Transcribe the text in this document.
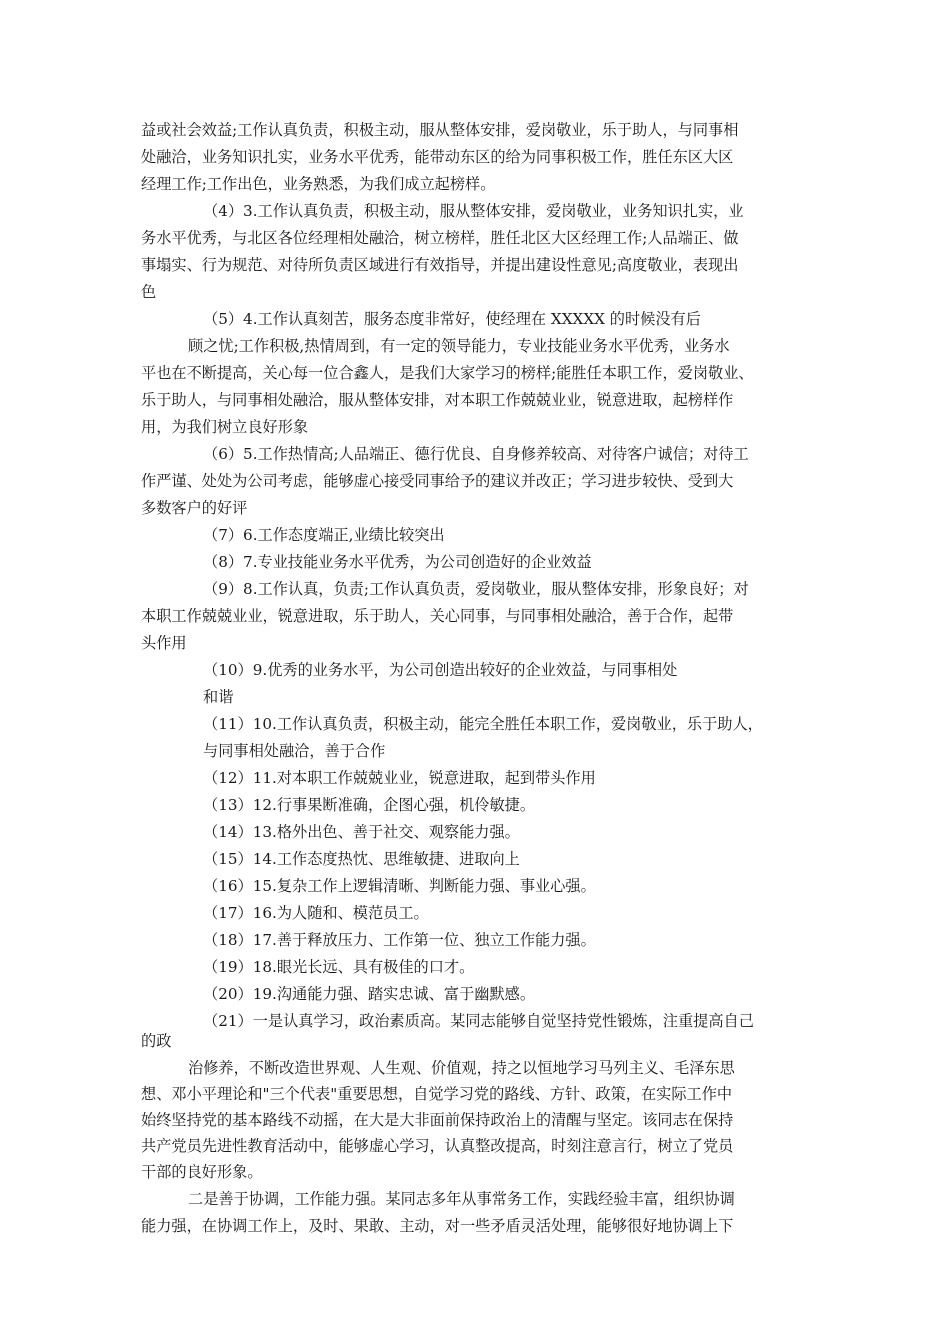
益或社会效益;工作认真负责，积极主动，服从整体安排，爱岗敬业，乐于助人，与同事相
处融洽，业务知识扎实，业务水平优秀，能带动东区的给为同事积极工作，胜任东区大区
经理工作;工作出色，业务熟悉，为我们成立起榜样。
（4）3.工作认真负责，积极主动，服从整体安排，爱岗敬业，业务知识扎实，业
务水平优秀，与北区各位经理相处融洽，树立榜样，胜任北区大区经理工作;人品端正、做
事塌实、行为规范、对待所负责区域进行有效指导，并提出建设性意见;高度敬业，表现出
色
（5）4.工作认真刻苦，服务态度非常好，使经理在 XXXXX 的时候没有后
顾之忧;工作积极,热情周到，有一定的领导能力，专业技能业务水平优秀，业务水
平也在不断提高，关心每一位合鑫人，是我们大家学习的榜样;能胜任本职工作，爱岗敬业、
乐于助人，与同事相处融洽，服从整体安排，对本职工作兢兢业业，锐意进取，起榜样作
用，为我们树立良好形象
（6）5.工作热情高;人品端正、德行优良、自身修养较高、对待客户诚信；对待工
作严谨、处处为公司考虑，能够虚心接受同事给予的建议并改正；学习进步较快、受到大
多数客户的好评
（7）6.工作态度端正,业绩比较突出
（8）7.专业技能业务水平优秀，为公司创造好的企业效益
（9）8.工作认真，负责;工作认真负责，爱岗敬业，服从整体安排，形象良好；对
本职工作兢兢业业，锐意进取，乐于助人，关心同事，与同事相处融洽，善于合作，起带
头作用
（10）9.优秀的业务水平，为公司创造出较好的企业效益，与同事相处
和谐
（11）10.工作认真负责，积极主动，能完全胜任本职工作，爱岗敬业，乐于助人，
与同事相处融洽，善于合作
（12）11.对本职工作兢兢业业，锐意进取，起到带头作用
（13）12.行事果断准确，企图心强，机伶敏捷。
（14）13.格外出色、善于社交、观察能力强。
（15）14.工作态度热忱、思维敏捷、进取向上
（16）15.复杂工作上逻辑清晰、判断能力强、事业心强。
（17）16.为人随和、模范员工。
（18）17.善于释放压力、工作第一位、独立工作能力强。
（19）18.眼光长远、具有极佳的口才。
（20）19.沟通能力强、踏实忠诚、富于幽默感。
（21）一是认真学习，政治素质高。某同志能够自觉坚持党性锻炼，注重提高自己
的政
治修养，不断改造世界观、人生观、价值观，持之以恒地学习马列主义、毛泽东思
想、邓小平理论和"三个代表"重要思想，自觉学习党的路线、方针、政策，在实际工作中
始终坚持党的基本路线不动摇，在大是大非面前保持政治上的清醒与坚定。该同志在保持
共产党员先进性教育活动中，能够虚心学习，认真整改提高，时刻注意言行，树立了党员
干部的良好形象。
二是善于协调，工作能力强。某同志多年从事常务工作，实践经验丰富，组织协调
能力强，在协调工作上，及时、果敢、主动，对一些矛盾灵活处理，能够很好地协调上下
